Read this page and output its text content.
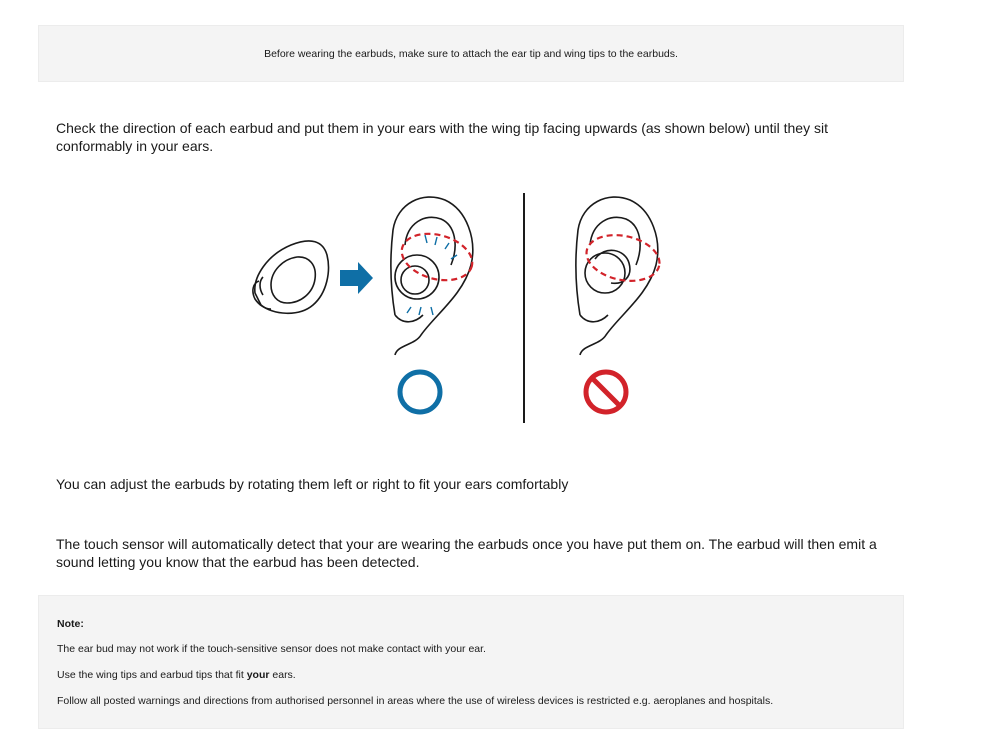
Before wearing the earbuds, make sure to attach the ear tip and wing tips to the earbuds.
Check the direction of each earbud and put them in your ears with the wing tip facing upwards (as shown below) until they sit conformably in your ears.
You can adjust the earbuds by rotating them left or right to fit your ears comfortably
The touch sensor will automatically detect that your are wearing the earbuds once you have put them on. The earbud will then emit a sound letting you know that the earbud has been detected.
Note:
The ear bud may not work if the touch-sensitive sensor does not make contact with your ear.
Use the wing tips and earbud tips that fit your ears.
Follow all posted warnings and directions from authorised personnel in areas where the use of wireless devices is restricted e.g. aeroplanes and hospitals.
